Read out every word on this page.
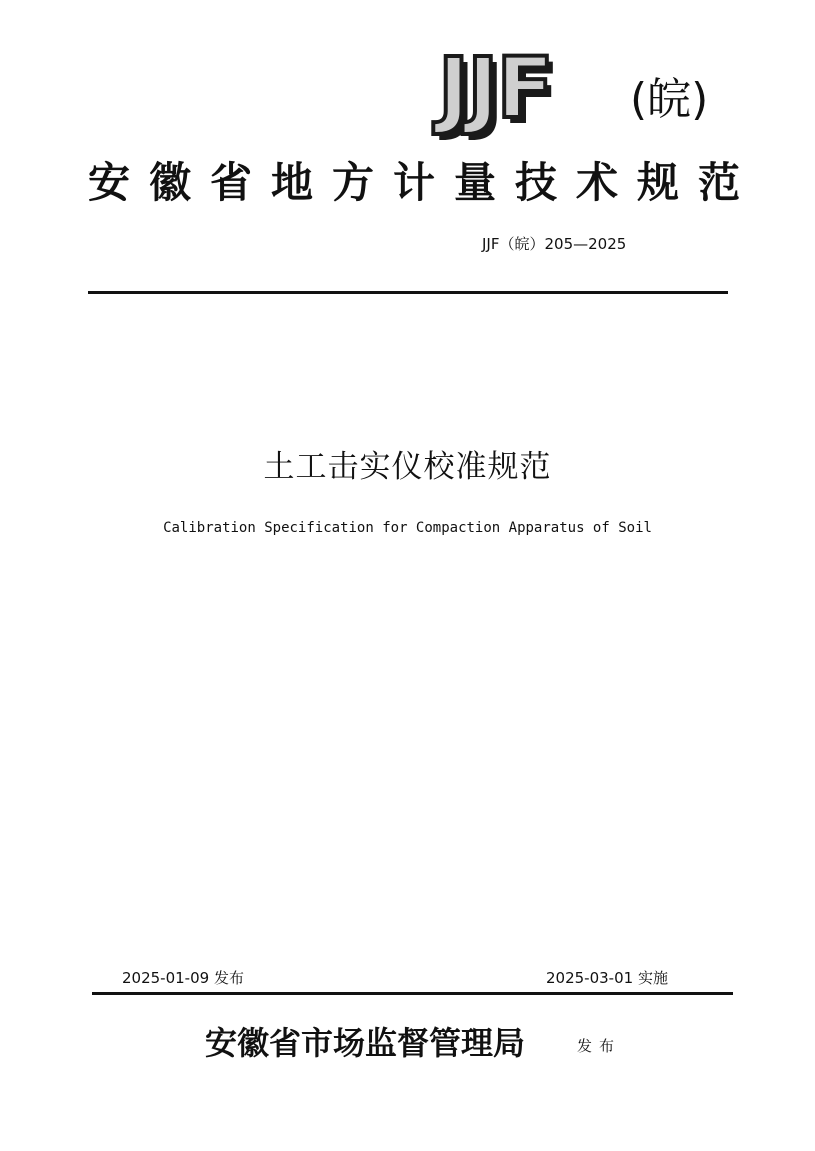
JJF (皖)
安徽省地方计量技术规范
JJF（皖）205—2025
土工击实仪校准规范
Calibration Specification for Compaction Apparatus of Soil
2025-01-09 发布	2025-03-01 实施
安徽省市场监督管理局	发布
